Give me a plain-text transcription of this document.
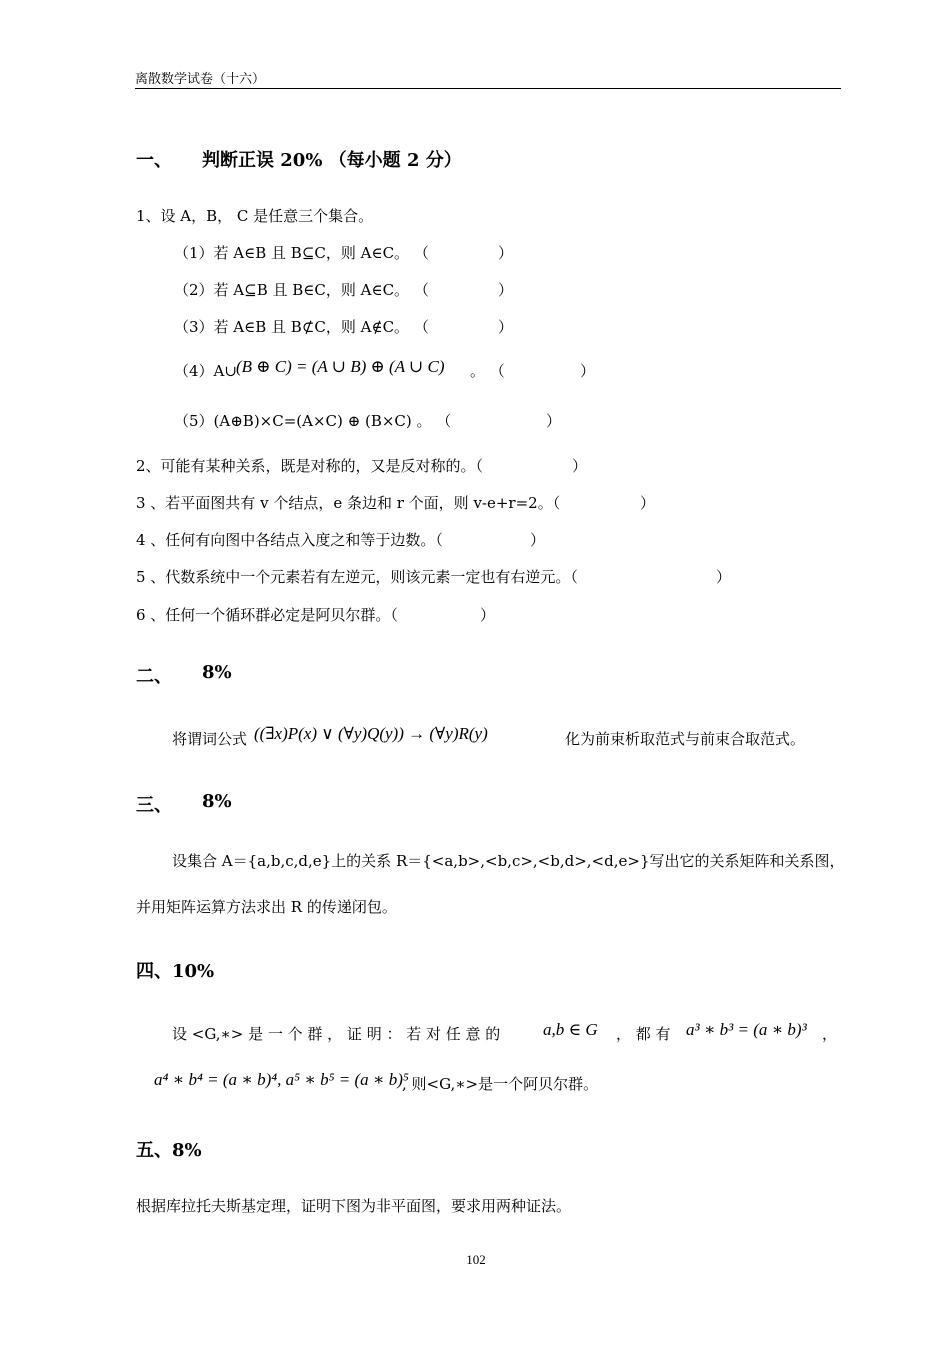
离散数学试卷（十六）
一、 判断正误 20% （每小题 2 分）
1、设 A，B， C 是任意三个集合。
（1）若 A∈B 且 B⊆C，则 A∈C。 （	）
（2）若 A⊆B 且 B∈C，则 A∈C。 （	）
（3）若 A∈B 且 B⊄C，则 A∉C。 （	）
（4）A∪ (B ⊕ C) = (A ∪ B) ⊕ (A ∪ C) 。 （	）
（5）(A⊕B)×C=(A×C) ⊕ (B×C) 。 （	）
2、可能有某种关系，既是对称的，又是反对称的。（	）
3 、若平面图共有 v 个结点，e 条边和 r 个面，则 v-e+r=2。（	）
4 、任何有向图中各结点入度之和等于边数。（	）
5 、代数系统中一个元素若有左逆元，则该元素一定也有右逆元。（	）
6 、任何一个循环群必定是阿贝尔群。（	）
二、 8%
将谓词公式 ((∃x)P(x) ∨ (∀y)Q(y)) → (∀y)R(y)	化为前束析取范式与前束合取范式。
三、 8%
设集合 A＝{a,b,c,d,e}上的关系 R＝{<a,b>,<b,c>,<b,d>,<d,e>}写出它的关系矩阵和关系图，
并用矩阵运算方法求出 R 的传递闭包。
四、10%
设 <G,∗> 是 一 个 群 ， 证 明 ： 若 对 任 意 的	a,b ∈ G ， 都 有 a³ ∗ b³ = (a ∗ b)³ ，
a⁴ ∗ b⁴ = (a ∗ b)⁴, a⁵ ∗ b⁵ = (a ∗ b)⁵
, 则<G,∗>是一个阿贝尔群。
五、8%
根据库拉托夫斯基定理，证明下图为非平面图，要求用两种证法。
102
